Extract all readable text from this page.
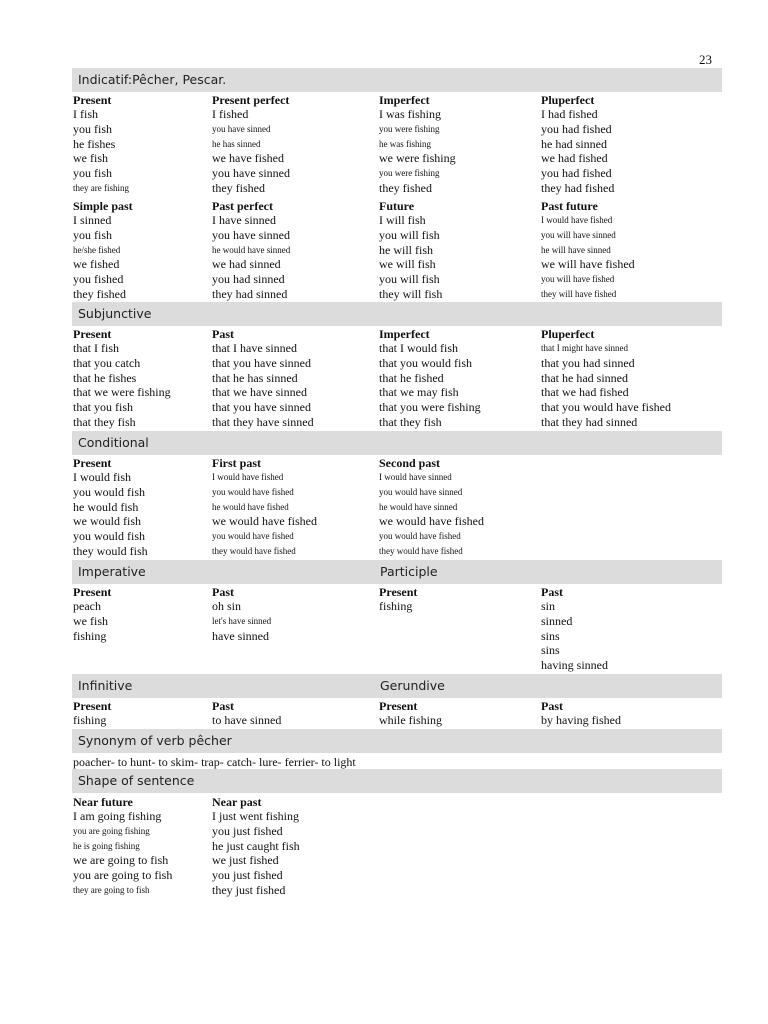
23
Indicatif:Pêcher, Pescar.
Present
I fish
you fish
he fishes
we fish
you fish
they are fishing
Present perfect
I fished
you have sinned
he has sinned
we have fished
you have sinned
they fished
Imperfect
I was fishing
you were fishing
he was fishing
we were fishing
you were fishing
they fished
Pluperfect
I had fished
you had fished
he had sinned
we had fished
you had fished
they had fished
Simple past
I sinned
you fish
he/she fished
we fished
you fished
they fished
Past perfect
I have sinned
you have sinned
he would have sinned
we had sinned
you had sinned
they had sinned
Future
I will fish
you will fish
he will fish
we will fish
you will fish
they will fish
Past future
I would have fished
you will have sinned
he will have sinned
we will have fished
you will have fished
they will have fished
Subjunctive
Present
that I fish
that you catch
that he fishes
that we were fishing
that you fish
that they fish
Past
that I have sinned
that you have sinned
that he has sinned
that we have sinned
that you have sinned
that they have sinned
Imperfect
that I would fish
that you would fish
that he fished
that we may fish
that you were fishing
that they fish
Pluperfect
that I might have sinned
that you had sinned
that he had sinned
that we had fished
that you would have fished
that they had sinned
Conditional
Present
I would fish
you would fish
he would fish
we would fish
you would fish
they would fish
First past
I would have fished
you would have fished
he would have fished
we would have fished
you would have fished
they would have fished
Second past
I would have sinned
you would have sinned
he would have sinned
we would have fished
you would have fished
they would have fished
Imperative	Participle
Present
peach
we fish
fishing
Past
oh sin
let's have sinned
have sinned
Present
fishing
Past
sin
sinned
sins
sins
having sinned
Infinitive	Gerundive
Present
fishing
Past
to have sinned
Present
while fishing
Past
by having fished
Synonym of verb pêcher
poacher- to hunt- to skim- trap- catch- lure- ferrier- to light
Shape of sentence
Near future
I am going fishing
you are going fishing
he is going fishing
we are going to fish
you are going to fish
they are going to fish
Near past
I just went fishing
you just fished
he just caught fish
we just fished
you just fished
they just fished
